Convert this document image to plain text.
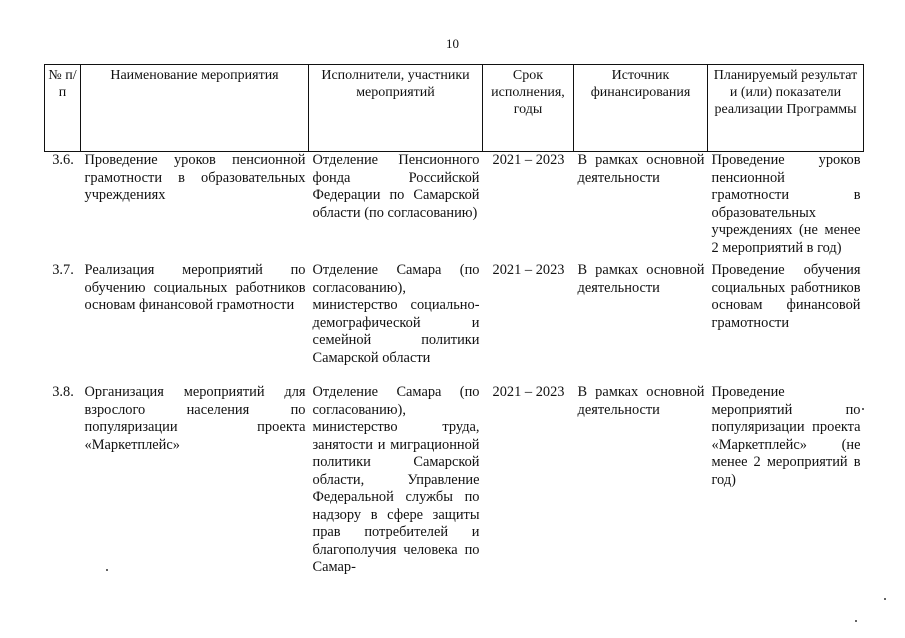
10
№ п/п	Наименование мероприятия	Исполнители, участники мероприятий	Срок исполнения, годы	Источник финансирования	Планируемый результат и (или) показатели реализации Программы
3.6.	Проведение уроков пенсионной грамотности в образовательных учреждениях	Отделение Пенсионного фонда Российской Федерации по Самарской области (по согласованию)	2021 – 2023	В рамках основной деятельности	Проведение уроков пенсионной грамотности в образовательных учреждениях (не менее 2 мероприятий в год)
3.7.	Реализация мероприятий по обучению социальных работников основам финансовой грамотности	Отделение Самара (по согласованию), министерство социально-демографической и семейной политики Самарской области	2021 – 2023	В рамках основной деятельности	Проведение обучения социальных работников основам финансовой грамотности
3.8.	Организация мероприятий для взрослого населения по популяризации проекта «Маркетплейс»	Отделение Самара (по согласованию), министерство труда, занятости и миграционной политики Самарской области, Управление Федеральной службы по надзору в сфере защиты прав потребителей и благополучия человека по Самар-	2021 – 2023	В рамках основной деятельности	Проведение мероприятий по популяризации проекта «Маркетплейс» (не менее 2 мероприятий в год)
